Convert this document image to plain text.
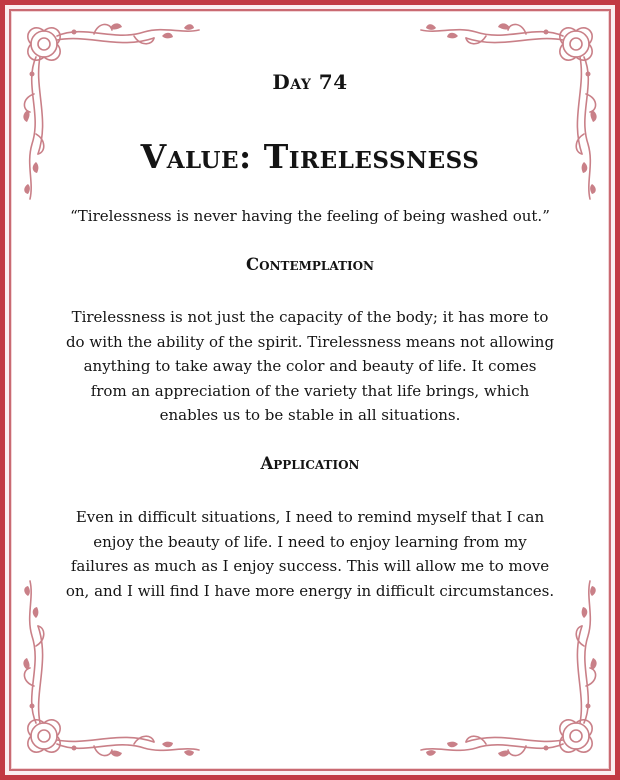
Day 74
Value: Tirelessness

“Tirelessness is never having the feeling of being washed out.”

Contemplation

Tirelessness is not just the capacity of the body; it has more to
do with the ability of the spirit. Tirelessness means not allowing
anything to take away the color and beauty of life. It comes
from an appreciation of the variety that life brings, which
enables us to be stable in all situations.

Application

Even in difficult situations, I need to remind myself that I can
enjoy the beauty of life. I need to enjoy learning from my
failures as much as I enjoy success. This will allow me to move
on, and I will find I have more energy in difficult circumstances.
